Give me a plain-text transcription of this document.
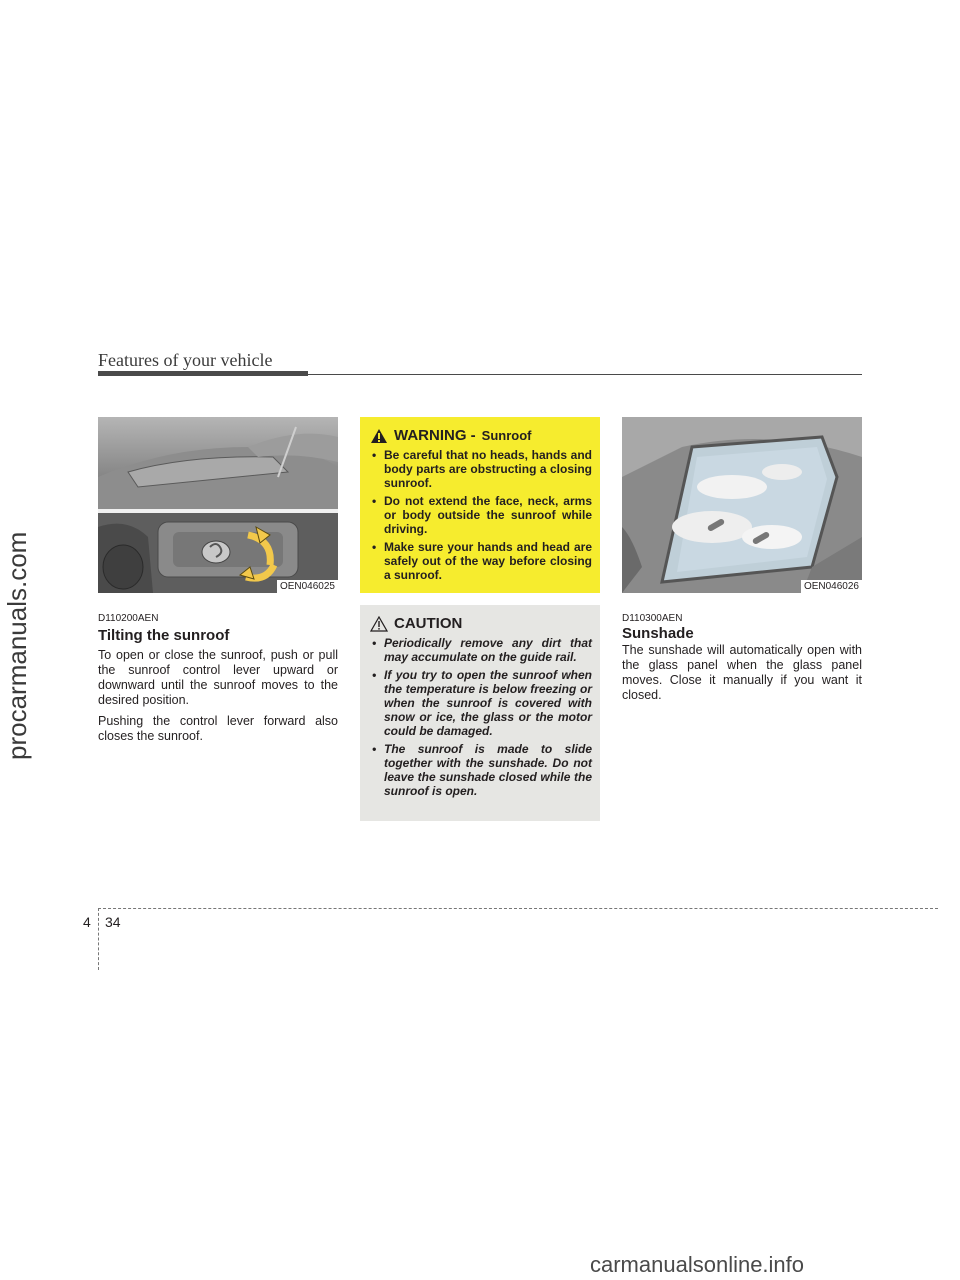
Features of your vehicle
procarmanuals.com	OEN046025
D110200AEN
Tilting the sunroof

To open or close the sunroof, push or pull the sunroof control lever upward or downward until the sunroof moves to the desired position.

Pushing the control lever forward also closes the sunroof.

WARNING - Sunroof
• Be careful that no heads, hands and body parts are obstructing a closing sunroof.
• Do not extend the face, neck, arms or body outside the sunroof while driving.
• Make sure your hands and head are safely out of the way before closing a sunroof.
CAUTION
• Periodically remove any dirt that may accumulate on the guide rail.
• If you try to open the sunroof when the temperature is below freezing or when the sunroof is covered with snow or ice, the glass or the motor could be damaged.
• The sunroof is made to slide together with the sunshade. Do not leave the sunshade closed while the sunroof is open.
OEN046026
D110300AEN
Sunshade

The sunshade will automatically open with the glass panel when the glass panel moves. Close it manually if you want it closed.

4 34
carmanualsonline.info
